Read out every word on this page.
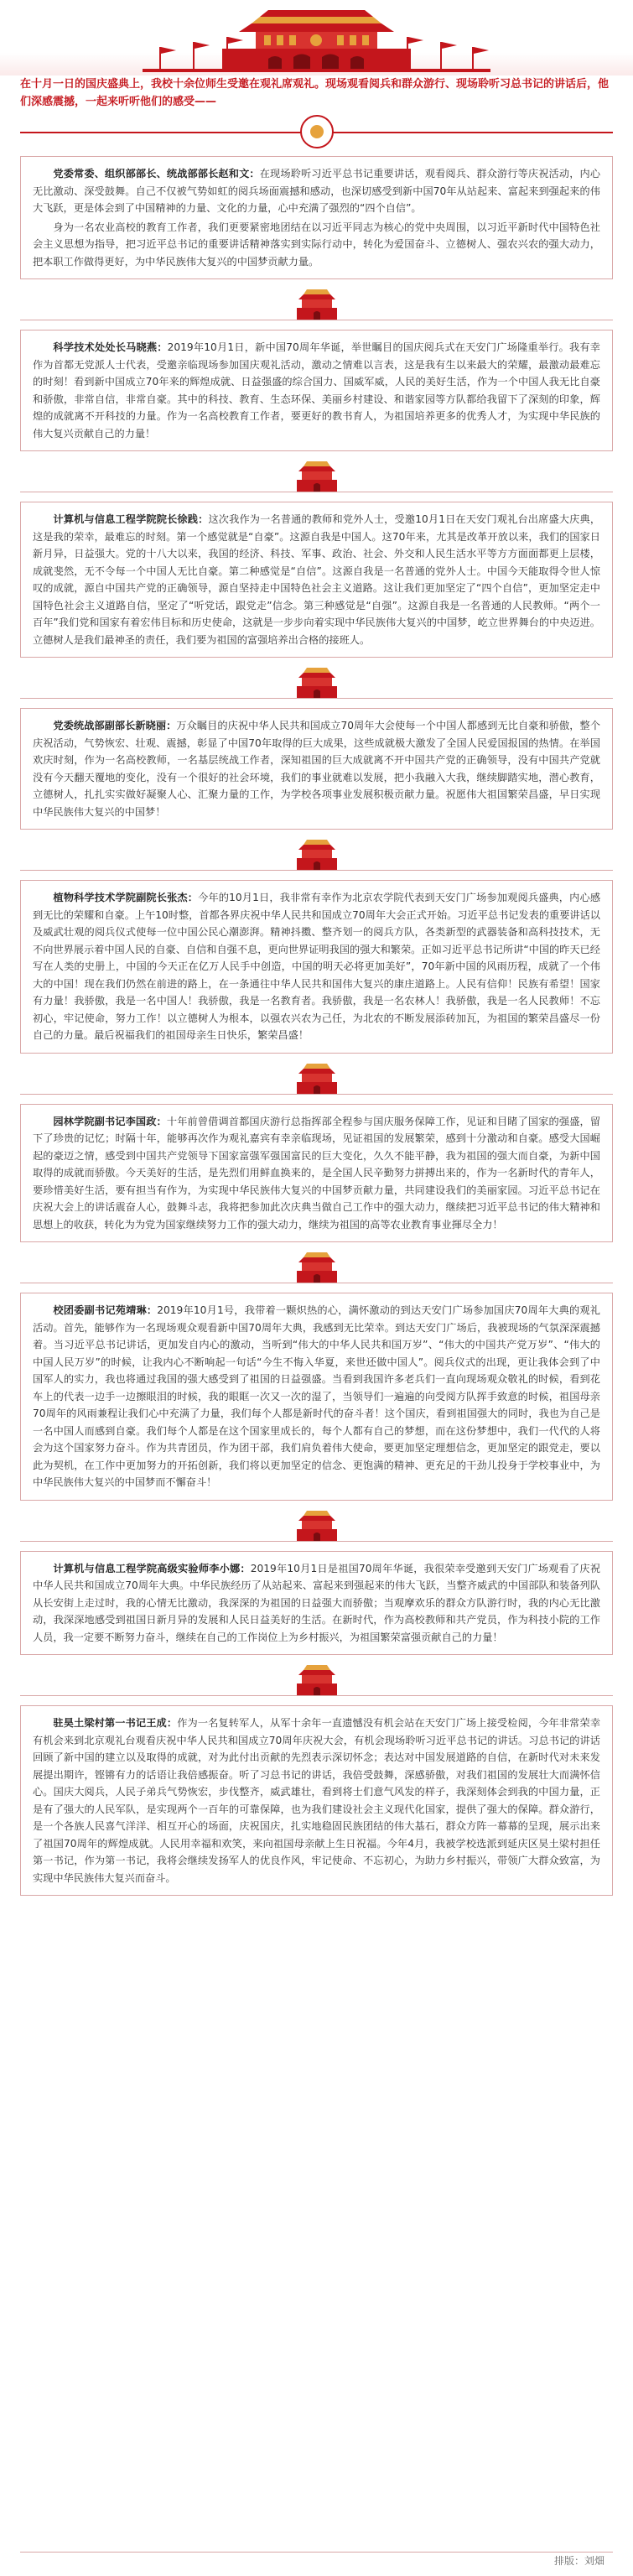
在十月一日的国庆盛典上，我校十余位师生受邀在观礼席观礼。现场观看阅兵和群众游行、现场聆听习总书记的讲话后，他们深感震撼，一起来听听他们的感受——

党委常委、组织部部长、统战部部长赵和文：在现场聆听习近平总书记重要讲话，观看阅兵、群众游行等庆祝活动，内心无比激动、深受鼓舞。自己不仅被气势如虹的阅兵场面震撼和感动，也深切感受到新中国70年从站起来、富起来到强起来的伟大飞跃，更是体会到了中国精神的力量、文化的力量，心中充满了强烈的“四个自信”。

身为一名农业高校的教育工作者，我们更要紧密地团结在以习近平同志为核心的党中央周围，以习近平新时代中国特色社会主义思想为指导，把习近平总书记的重要讲话精神落实到实际行动中，转化为爱国奋斗、立德树人、强农兴农的强大动力，把本职工作做得更好，为中华民族伟大复兴的中国梦贡献力量。

科学技术处处长马晓燕：2019年10月1日，新中国70周年华诞，举世瞩目的国庆阅兵式在天安门广场隆重举行。我有幸作为首都无党派人士代表，受邀亲临现场参加国庆观礼活动，激动之情难以言表，这是我有生以来最大的荣耀，最激动最难忘的时刻！看到新中国成立70年来的辉煌成就、日益强盛的综合国力、国威军威，人民的美好生活，作为一个中国人我无比自豪和骄傲，非常自信，非常自豪。其中的科技、教育、生态环保、美丽乡村建设、和谐家园等方队都给我留下了深刻的印象，辉煌的成就离不开科技的力量。作为一名高校教育工作者，要更好的教书育人，为祖国培养更多的优秀人才，为实现中华民族的伟大复兴贡献自己的力量！

计算机与信息工程学院院长徐践：这次我作为一名普通的教师和党外人士，受邀10月1日在天安门观礼台出席盛大庆典，这是我的荣幸，最难忘的时刻。第一个感觉就是“自豪”。这源自我是中国人。这70年来，尤其是改革开放以来，我们的国家日新月异，日益强大。党的十八大以来，我国的经济、科技、军事、政治、社会、外交和人民生活水平等方方面面都更上层楼，成就斐然，无不令每一个中国人无比自豪。第二种感觉是“自信”。这源自我是一名普通的党外人士。中国今天能取得令世人惊叹的成就，源自中国共产党的正确领导，源自坚持走中国特色社会主义道路。这让我们更加坚定了“四个自信”，更加坚定走中国特色社会主义道路自信，坚定了“听党话，跟党走”信念。第三种感觉是“自强”。这源自我是一名普通的人民教师。“两个一百年”我们党和国家有着宏伟目标和历史使命，这就是一步步向着实现中华民族伟大复兴的中国梦，屹立世界舞台的中央迈进。立德树人是我们最神圣的责任，我们要为祖国的富强培养出合格的接班人。

党委统战部副部长新晓丽：万众瞩目的庆祝中华人民共和国成立70周年大会使每一个中国人都感到无比自豪和骄傲，整个庆祝活动，气势恢宏、壮观、震撼，彰显了中国70年取得的巨大成果，这些成就极大激发了全国人民爱国报国的热情。在举国欢庆时刻，作为一名高校教师，一名基层统战工作者，深知祖国的巨大成就离不开中国共产党的正确领导，没有中国共产党就没有今天翻天覆地的变化，没有一个很好的社会环境，我们的事业就难以发展，把小我融入大我，继续脚踏实地，潜心教育，立德树人，扎扎实实做好凝聚人心、汇聚力量的工作，为学校各项事业发展积极贡献力量。祝愿伟大祖国繁荣昌盛，早日实现中华民族伟大复兴的中国梦！

植物科学技术学院副院长张杰：今年的10月1日，我非常有幸作为北京农学院代表到天安门广场参加观阅兵盛典，内心感到无比的荣耀和自豪。上午10时整，首都各界庆祝中华人民共和国成立70周年大会正式开始。习近平总书记发表的重要讲话以及威武壮观的阅兵仪式使每一位中国公民心潮澎湃。精神抖擞、整齐划一的阅兵方队，各类新型的武器装备和高科技技术，无不向世界展示着中国人民的自豪、自信和自强不息，更向世界证明我国的强大和繁荣。正如习近平总书记所讲“中国的昨天已经写在人类的史册上，中国的今天正在亿万人民手中创造，中国的明天必将更加美好”，70年新中国的风雨历程，成就了一个伟大的中国！现在我们仍然在前进的路上，在一条通往中华人民共和国伟大复兴的康庄道路上。人民有信仰！民族有希望！国家有力量！我骄傲，我是一名中国人！我骄傲，我是一名教育者。我骄傲，我是一名农林人！我骄傲，我是一名人民教师！不忘初心，牢记使命，努力工作！以立德树人为根本，以强农兴农为己任，为北农的不断发展添砖加瓦，为祖国的繁荣昌盛尽一份自己的力量。最后祝福我们的祖国母亲生日快乐，繁荣昌盛！

园林学院副书记李国政：十年前曾借调首都国庆游行总指挥部全程参与国庆服务保障工作，见证和目睹了国家的强盛，留下了珍贵的记忆；时隔十年，能够再次作为观礼嘉宾有幸亲临现场，见证祖国的发展繁荣，感到十分激动和自豪。感受大国崛起的豪迈之情，感受到中国共产党领导下国家富强军强国富民的巨大变化，久久不能平静，我为祖国的强大而自豪，为新中国取得的成就而骄傲。今天美好的生活，是先烈们用鲜血换来的，是全国人民辛勤努力拼搏出来的，作为一名新时代的青年人，要珍惜美好生活，要有担当有作为，为实现中华民族伟大复兴的中国梦贡献力量，共同建设我们的美丽家园。习近平总书记在庆祝大会上的讲话震奋人心，鼓舞斗志，我将把参加此次庆典当做自己工作中的强大动力，继续把习近平总书记的伟大精神和思想上的收获，转化为为党为国家继续努力工作的强大动力，继续为祖国的高等农业教育事业揮尽全力！

校团委副书记苑靖琳：2019年10月1号，我带着一颗炽热的心，满怀激动的到达天安门广场参加国庆70周年大典的观礼活动。首先，能够作为一名现场观众观看新中国70周年大典，我感到无比荣幸。到达天安门广场后，我被现场的气氛深深震撼着。当习近平总书记讲话，更加发自内心的激动，当听到“伟大的中华人民共和国万岁”、“伟大的中国共产党万岁”、“伟大的中国人民万岁”的时候，让我内心不断响起一句话“今生不悔入华夏，来世还做中国人”。阅兵仪式的出现，更让我体会到了中国军人的实力，我也将通过我国的强大感受到了祖国的日益强盛。当看到我国许多老兵们一直向现场观众敬礼的时候，看到花车上的代表一边手一边擦眼泪的时候，我的眼眶一次又一次的湿了，当领导们一遍遍的向受阅方队挥手致意的时候，祖国母亲70周年的风雨兼程让我们心中充满了力量，我们每个人都是新时代的奋斗者！这个国庆，看到祖国强大的同时，我也为自己是一名中国人而感到自豪。我们每个人都是在这个国家里成长的，每个人都有自己的梦想，而在这份梦想中，我们一代代的人将会为这个国家努力奋斗。作为共青团员，作为团干部，我们肩负着伟大使命，要更加坚定理想信念，更加坚定的跟党走，要以此为契机，在工作中更加努力的开拓创新，我们将以更加坚定的信念、更饱满的精神、更充足的干劲儿投身于学校事业中，为中华民族伟大复兴的中国梦而不懈奋斗！

计算机与信息工程学院高级实验师李小娜：2019年10月1日是祖国70周年华诞，我很荣幸受邀到天安门广场观看了庆祝中华人民共和国成立70周年大典。中华民族经历了从站起来、富起来到强起来的伟大飞跃，当整齐威武的中国部队和装备列队从长安街上走过时，我的心情无比激动，我深深的为祖国的日益强大而骄傲；当观摩欢乐的群众方队游行时，我的内心无比激动，我深深地感受到祖国日新月异的发展和人民日益美好的生活。在新时代，作为高校教师和共产党员，作为科技小院的工作人员，我一定要不断努力奋斗，继续在自己的工作岗位上为乡村振兴，为祖国繁荣富强贡献自己的力量！

驻昊土梁村第一书记王成：作为一名复转军人，从军十余年一直遗憾没有机会站在天安门广场上接受检阅，今年非常荣幸有机会来到北京观礼台观看庆祝中华人民共和国成立70周年庆祝大会，有机会现场聆听习近平总书记的讲话。习总书记的讲话回顾了新中国的建立以及取得的成就，对为此付出贡献的先烈表示深切怀念；表达对中国发展道路的自信，在新时代对未来发展提出期许，铿锵有力的话语让我倍感振奋。听了习总书记的讲话，我倍受鼓舞，深感骄傲，对我们祖国的发展壮大而满怀信心。国庆大阅兵，人民子弟兵气势恢宏，步伐整齐，威武雄壮，看到将士们意气风发的样子，我深刻体会到我的中国力量，正是有了强大的人民军队，是实现两个一百年的可靠保障，也为我们建设社会主义现代化国家，提供了强大的保障。群众游行，是一个各族人民喜气洋洋、相互开心的场面，庆祝国庆，扎实地稳固民族团结的伟大基石，群众方阵一幕幕的呈现，展示出来了祖国70周年的辉煌成就。人民用幸福和欢笑，来向祖国母亲献上生日祝福。今年4月，我被学校选派到延庆区昊土梁村担任第一书记，作为第一书记，我将会继续发扬军人的优良作风，牢记使命、不忘初心，为助力乡村振兴，带领广大群众致富，为实现中华民族伟大复兴而奋斗。

排版：刘畑
